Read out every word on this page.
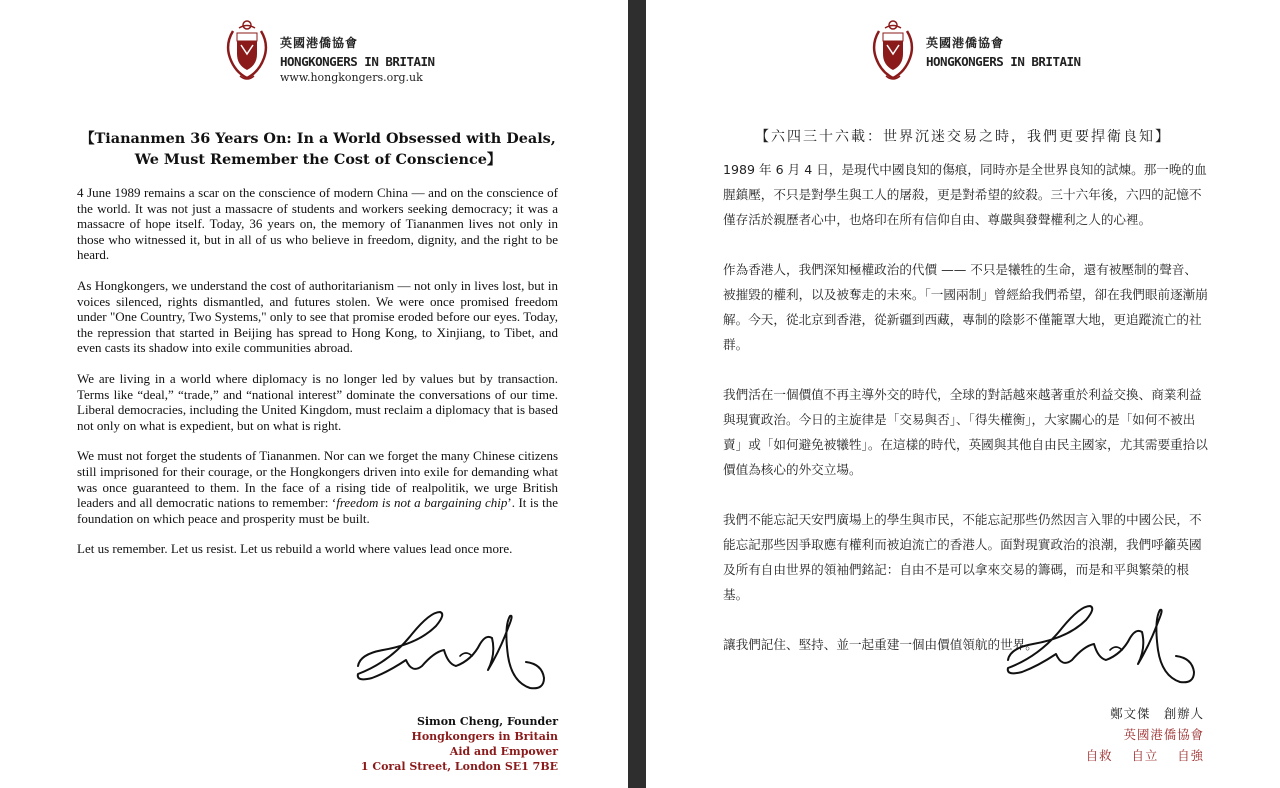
英國港僑協會
HONGKONGERS IN BRITAIN
www.hongkongers.org.uk
【Tiananmen 36 Years On: In a World Obsessed with Deals,
We Must Remember the Cost of Conscience】

4 June 1989 remains a scar on the conscience of modern China — and on the conscience of the world. It was not just a massacre of students and workers seeking democracy; it was a massacre of hope itself. Today, 36 years on, the memory of Tiananmen lives not only in those who witnessed it, but in all of us who believe in freedom, dignity, and the right to be heard.

As Hongkongers, we understand the cost of authoritarianism — not only in lives lost, but in voices silenced, rights dismantled, and futures stolen. We were once promised freedom under "One Country, Two Systems," only to see that promise eroded before our eyes. Today, the repression that started in Beijing has spread to Hong Kong, to Xinjiang, to Tibet, and even casts its shadow into exile communities abroad.

We are living in a world where diplomacy is no longer led by values but by transaction. Terms like “deal,” “trade,” and “national interest” dominate the conversations of our time. Liberal democracies, including the United Kingdom, must reclaim a diplomacy that is based not only on what is expedient, but on what is right.

We must not forget the students of Tiananmen. Nor can we forget the many Chinese citizens still imprisoned for their courage, or the Hongkongers driven into exile for demanding what was once guaranteed to them. In the face of a rising tide of realpolitik, we urge British leaders and all democratic nations to remember: ‘freedom is not a bargaining chip’. It is the foundation on which peace and prosperity must be built.

Let us remember. Let us resist. Let us rebuild a world where values lead once more.

Simon Cheng, Founder
Hongkongers in Britain
Aid and Empower
1 Coral Street, London SE1 7BE
英國港僑協會
HONGKONGERS IN BRITAIN
【六四三十六載：世界沉迷交易之時，我們更要捍衛良知】

1989 年 6 月 4 日，是現代中國良知的傷痕，同時亦是全世界良知的試煉。那一晚的血腥鎮壓，不只是對學生與工人的屠殺，更是對希望的絞殺。三十六年後，六四的記憶不僅存活於親歷者心中，也烙印在所有信仰自由、尊嚴與發聲權利之人的心裡。

作為香港人，我們深知極權政治的代價 —— 不只是犧牲的生命，還有被壓制的聲音、被摧毀的權利，以及被奪走的未來。「一國兩制」曾經給我們希望，卻在我們眼前逐漸崩解。今天，從北京到香港，從新疆到西藏，專制的陰影不僅籠罩大地，更追蹤流亡的社群。

我們活在一個價值不再主導外交的時代，全球的對話越來越著重於利益交換、商業利益與現實政治。今日的主旋律是「交易與否」、「得失權衡」，大家關心的是「如何不被出賣」或「如何避免被犧牲」。在這樣的時代，英國與其他自由民主國家，尤其需要重拾以價值為核心的外交立場。

我們不能忘記天安門廣場上的學生與市民，不能忘記那些仍然因言入罪的中國公民，不能忘記那些因爭取應有權利而被迫流亡的香港人。面對現實政治的浪潮，我們呼籲英國及所有自由世界的領袖們銘記：自由不是可以拿來交易的籌碼，而是和平與繁榮的根基。

讓我們記住、堅持、並一起重建一個由價值領航的世界。

鄭文傑　創辦人
英國港僑協會
自救 自立 自強
